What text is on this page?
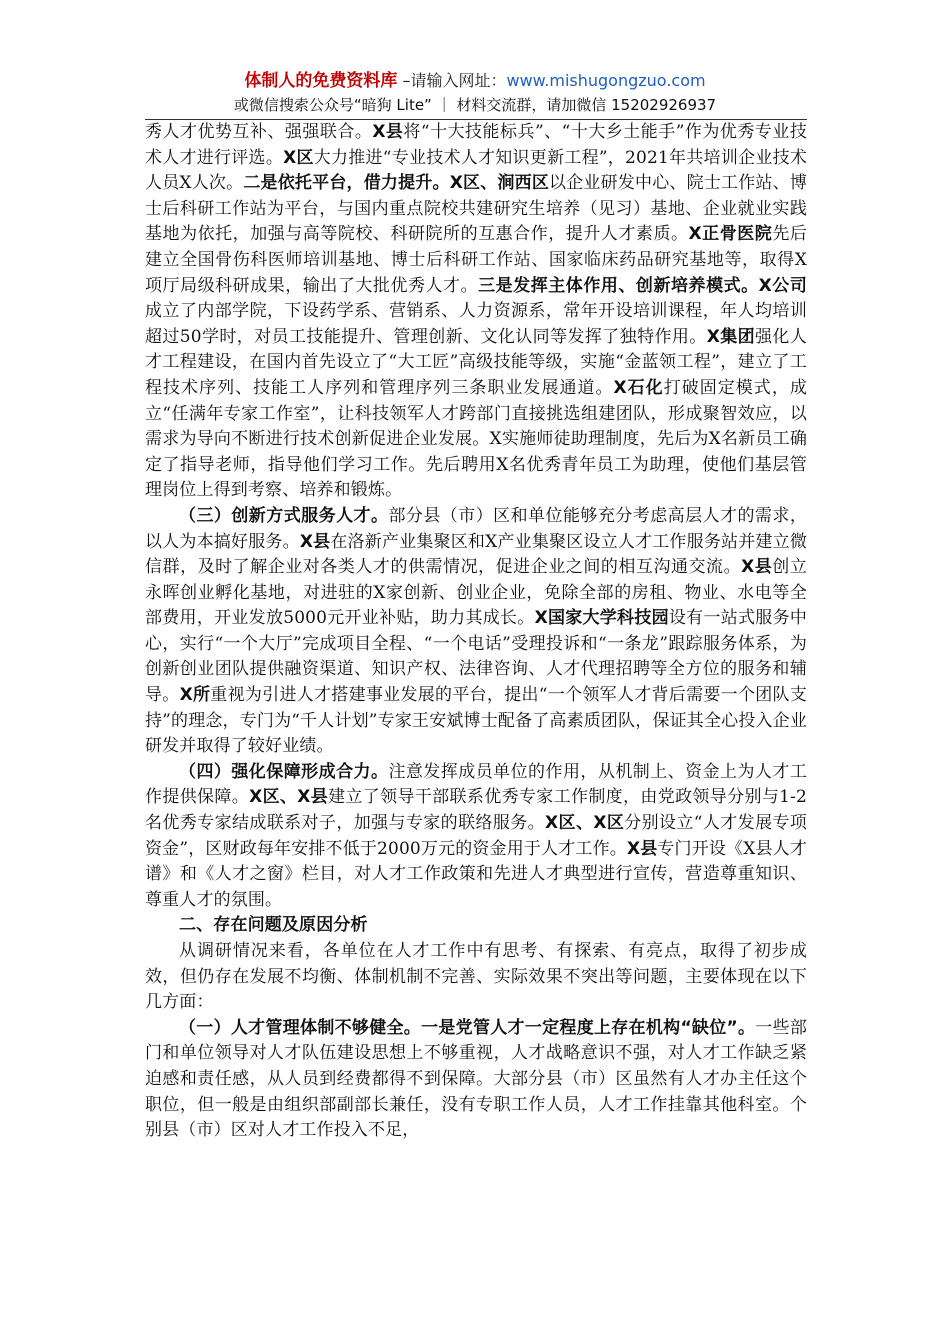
体制人的免费资料库 –请输入网址：www.mishugongzuo.com
或微信搜索公众号“暗狗 Lite” ｜ 材料交流群，请加微信 15202926937

秀人才优势互补、强强联合。X县将“十大技能标兵”、“十大乡土能手”作为优秀专业技术人才进行评选。X区大力推进“专业技术人才知识更新工程”，2021年共培训企业技术人员X人次。二是依托平台，借力提升。X区、涧西区以企业研发中心、院士工作站、博士后科研工作站为平台，与国内重点院校共建研究生培养（见习）基地、企业就业实践基地为依托，加强与高等院校、科研院所的互惠合作，提升人才素质。X正骨医院先后建立全国骨伤科医师培训基地、博士后科研工作站、国家临床药品研究基地等，取得X项厅局级科研成果，输出了大批优秀人才。三是发挥主体作用、创新培养模式。X公司成立了内部学院，下设药学系、营销系、人力资源系，常年开设培训课程，年人均培训超过50学时，对员工技能提升、管理创新、文化认同等发挥了独特作用。X集团强化人才工程建设，在国内首先设立了“大工匠”高级技能等级，实施“金蓝领工程”，建立了工程技术序列、技能工人序列和管理序列三条职业发展通道。X石化打破固定模式，成立“任满年专家工作室”，让科技领军人才跨部门直接挑选组建团队，形成聚智效应，以需求为导向不断进行技术创新促进企业发展。X实施师徒助理制度，先后为X名新员工确定了指导老师，指导他们学习工作。先后聘用X名优秀青年员工为助理，使他们基层管理岗位上得到考察、培养和锻炼。

（三）创新方式服务人才。部分县（市）区和单位能够充分考虑高层人才的需求，以人为本搞好服务。X县在洛新产业集聚区和X产业集聚区设立人才工作服务站并建立微信群，及时了解企业对各类人才的供需情况，促进企业之间的相互沟通交流。X县创立永晖创业孵化基地，对进驻的X家创新、创业企业，免除全部的房租、物业、水电等全部费用，开业发放5000元开业补贴，助力其成长。X国家大学科技园设有一站式服务中心，实行“一个大厅”完成项目全程、“一个电话”受理投诉和“一条龙”跟踪服务体系，为创新创业团队提供融资渠道、知识产权、法律咨询、人才代理招聘等全方位的服务和辅导。X所重视为引进人才搭建事业发展的平台，提出“一个领军人才背后需要一个团队支持”的理念，专门为“千人计划”专家王安斌博士配备了高素质团队，保证其全心投入企业研发并取得了较好业绩。

（四）强化保障形成合力。注意发挥成员单位的作用，从机制上、资金上为人才工作提供保障。X区、X县建立了领导干部联系优秀专家工作制度，由党政领导分别与1-2名优秀专家结成联系对子，加强与专家的联络服务。X区、X区分别设立“人才发展专项资金”，区财政每年安排不低于2000万元的资金用于人才工作。X县专门开设《X县人才谱》和《人才之窗》栏目，对人才工作政策和先进人才典型进行宣传，营造尊重知识、尊重人才的氛围。

二、存在问题及原因分析

从调研情况来看，各单位在人才工作中有思考、有探索、有亮点，取得了初步成效，但仍存在发展不均衡、体制机制不完善、实际效果不突出等问题，主要体现在以下几方面：

（一）人才管理体制不够健全。一是党管人才一定程度上存在机构“缺位”。一些部门和单位领导对人才队伍建设思想上不够重视，人才战略意识不强，对人才工作缺乏紧迫感和责任感，从人员到经费都得不到保障。大部分县（市）区虽然有人才办主任这个职位，但一般是由组织部副部长兼任，没有专职工作人员，人才工作挂靠其他科室。个别县（市）区对人才工作投入不足，
